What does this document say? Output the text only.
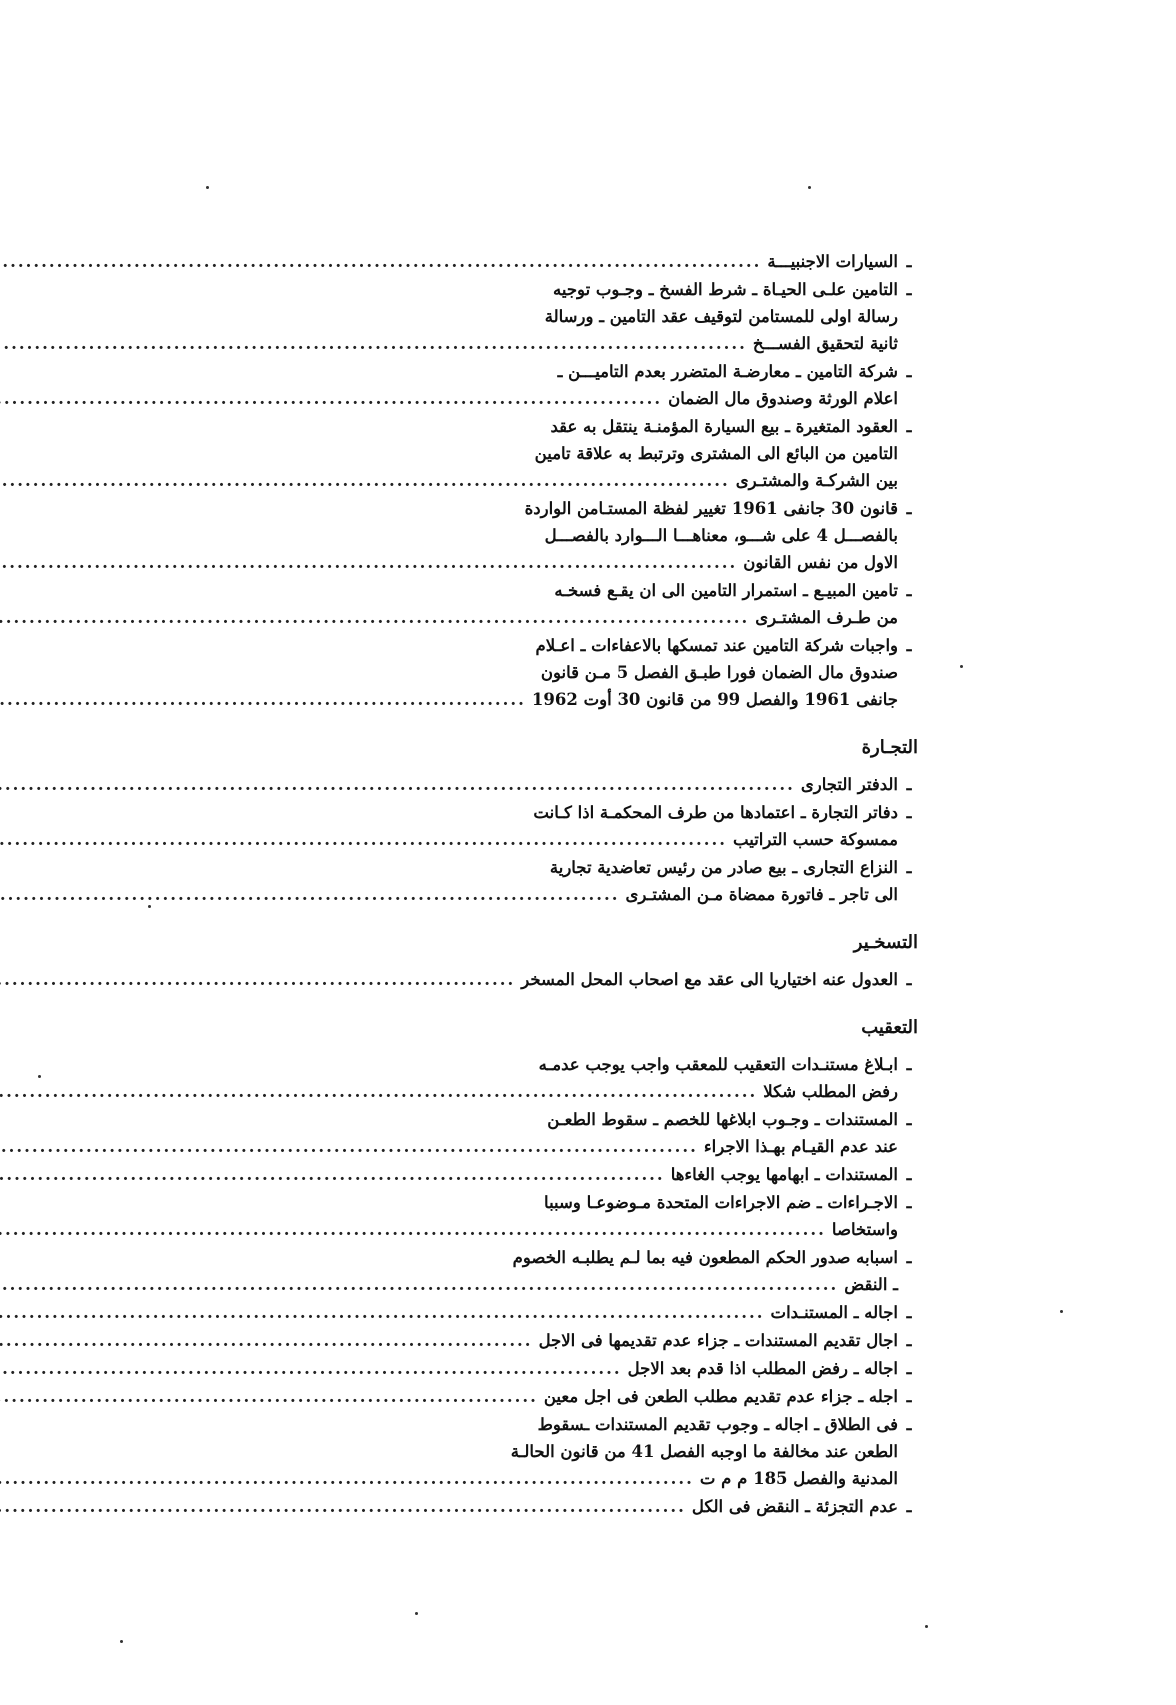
ـ
السيارات الاجنبيـــة
.....
ـ
التامين علـى الحيـاة ـ شرط الفسخ ـ وجـوب توجيه
رسالة اولى للمستامن لتوقيف عقد التامين ـ ورسالة
ثانية لتحقيق الفســـخ
.....
ـ
شركة التامين ـ معارضـة المتضرر بعدم التاميـــن ـ
اعلام الورثة وصندوق مال الضمان
.....
ـ
العقود المتغيرة ـ بيع السيارة المؤمنـة ينتقل به عقد
التامين من البائع الى المشترى وترتبط به علاقة تامين
بين الشركـة والمشتـرى
.....
ـ
قانون 30 جانفى 1961 تغيير لفظة المستـامن الواردة
بالفصـــل 4 على شـــو، معناهـــا الـــوارد بالفصـــل
الاول من نفس القانون
.....
ـ
تامين المبيـع ـ استمرار التامين الى ان يقـع فسخـه
من طـرف المشتـرى
.....
ـ
واجبات شركة التامين عند تمسكها بالاعفاءات ـ اعـلام
صندوق مال الضمان فورا طبـق الفصل 5 مـن قانون
جانفى 1961 والفصل 99 من قانون 30 أوت 1962
.....
التجـارة
ـ
الدفتر التجارى
.....
ـ
دفاتر التجارة ـ اعتمادها من طرف المحكمـة اذا كـانت
ممسوكة حسب التراتيب
.....
ـ
النزاع التجارى ـ بيع صادر من رئيس تعاضدية تجارية
الى تاجر ـ فاتورة ممضاة مـن المشتـرى
.....
التسخـير
ـ
العدول عنه اختياريا الى عقد مع اصحاب المحل المسخر
.....
التعقيب
ـ
ابـلاغ مستنـدات التعقيب للمعقب واجب يوجب عدمـه
رفض المطلب شكلا
.....
ـ
المستندات ـ وجـوب ابلاغها للخصم ـ سقوط الطعـن
عند عدم القيـام بهـذا الاجراء
.....
ـ
المستندات ـ ابهامها يوجب الغاءها
.....
ـ
الاجـراءات ـ ضم الاجراءات المتحدة مـوضوعـا وسببا
واستخاصا
.....
ـ
اسبابه صدور الحكم المطعون فيه بما لـم يطلبـه الخصوم
ـ النقض
.....
ـ
اجاله ـ المستنـدات
.....
ـ
اجال تقديم المستندات ـ جزاء عدم تقديمها فى الاجل
.....
ـ
اجاله ـ رفض المطلب اذا قدم بعد الاجل
.....
ـ
اجله ـ جزاء عدم تقديم مطلب الطعن فى اجل معين
.....
ـ
فى الطلاق ـ اجاله ـ وجوب تقديم المستندات ـسقوط
الطعن عند مخالفة ما اوجبه الفصل 41 من قانون الحالـة
المدنية والفصل 185 م م ت
.....
ـ
عدم التجزئة ـ النقض فى الكل
.....
